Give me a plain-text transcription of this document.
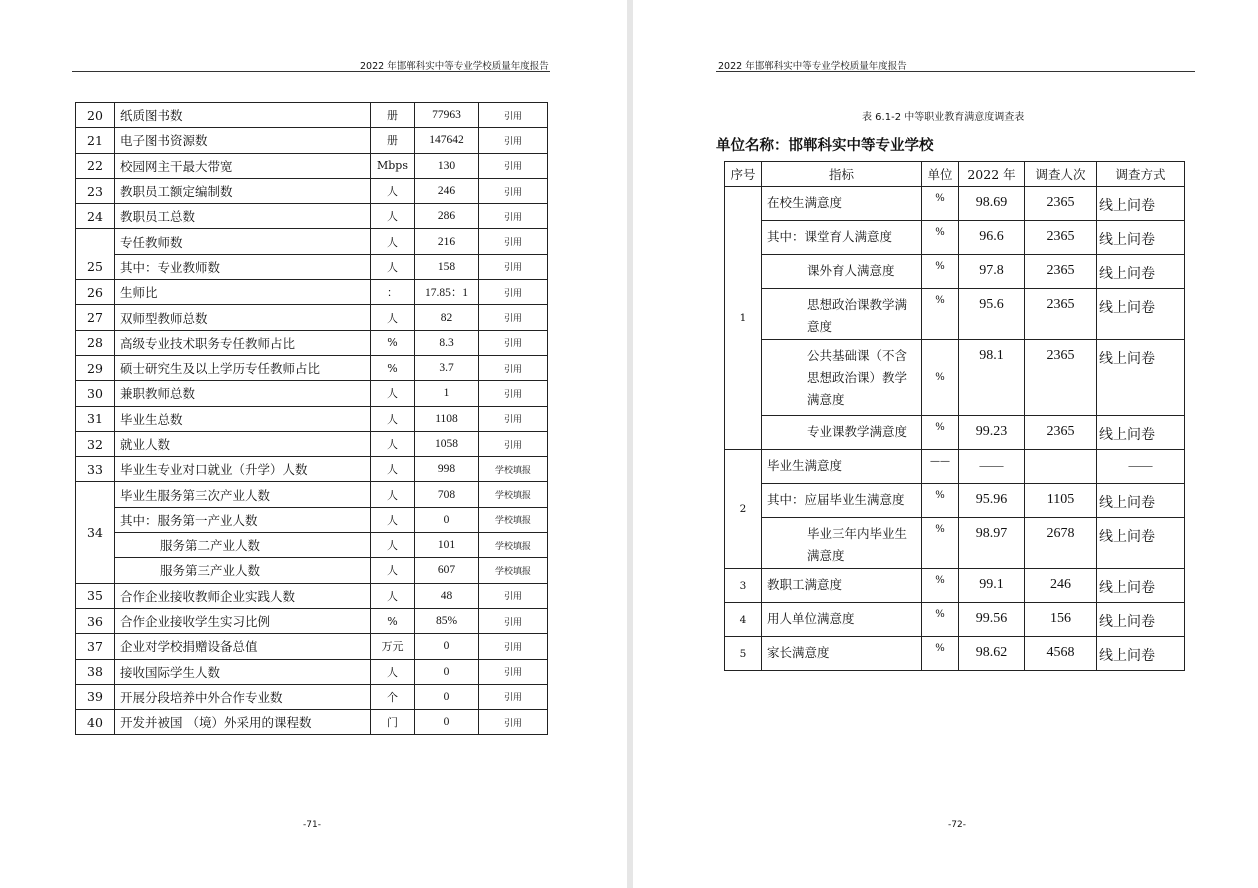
2022 年邯郸科实中等专业学校质量年度报告
20	纸质图书数	册	77963	引用
21	电子图书资源数	册	147642	引用
22	校园网主干最大带宽	Mbps	130	引用
23	教职员工额定编制数	人	246	引用
24	教职员工总数	人	286	引用
25	专任教师数	人	216	引用
	其中：专业教师数	人	158	引用
26	生师比	：	17.85：1	引用
27	双师型教师总数	人	82	引用
28	高级专业技术职务专任教师占比	%	8.3	引用
29	硕士研究生及以上学历专任教师占比	%	3.7	引用
30	兼职教师总数	人	1	引用
31	毕业生总数	人	1108	引用
32	就业人数	人	1058	引用
33	毕业生专业对口就业（升学）人数	人	998	学校填报
34	毕业生服务第三次产业人数	人	708	学校填报
	其中：服务第一产业人数	人	0	学校填报
	服务第二产业人数	人	101	学校填报
	服务第三产业人数	人	607	学校填报
35	合作企业接收教师企业实践人数	人	48	引用
36	合作企业接收学生实习比例	%	85%	引用
37	企业对学校捐赠设备总值	万元	0	引用
38	接收国际学生人数	人	0	引用
39	开展分段培养中外合作专业数	个	0	引用
40	开发并被国 （境）外采用的课程数	门	0	引用
-71-
2022 年邯郸科实中等专业学校质量年度报告
表 6.1-2 中等职业教育满意度调查表
单位名称：邯郸科实中等专业学校
序号	指标	单位	2022 年	调查人次	调查方式
1	在校生满意度	%	98.69	2365	线上问卷
	其中：课堂育人满意度	%	96.6	2365	线上问卷
	课外育人满意度	%	97.8	2365	线上问卷
	思想政治课教学满意度	%	95.6	2365	线上问卷
	公共基础课（不含思想政治课）教学满意度	%	98.1	2365	线上问卷
	专业课教学满意度	%	99.23	2365	线上问卷
2	毕业生满意度	——	——		——
	其中：应届毕业生满意度	%	95.96	1105	线上问卷
	毕业三年内毕业生满意度	%	98.97	2678	线上问卷
3	教职工满意度	%	99.1	246	线上问卷
4	用人单位满意度	%	99.56	156	线上问卷
5	家长满意度	%	98.62	4568	线上问卷
-72-
